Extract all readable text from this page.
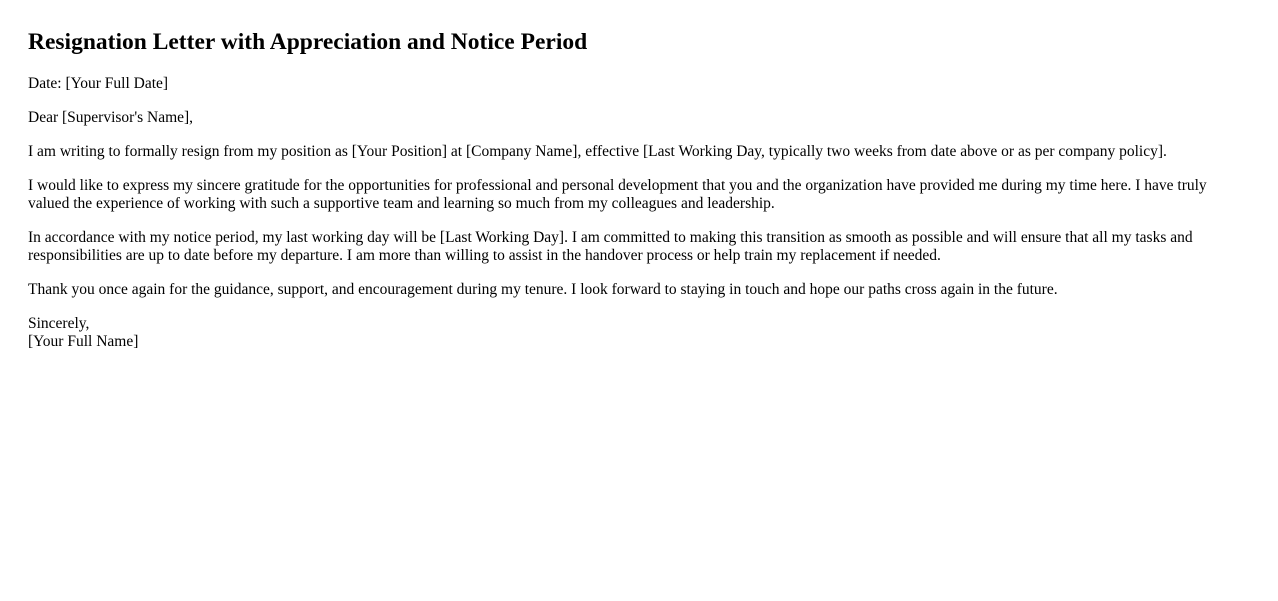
Resignation Letter with Appreciation and Notice Period

Date: [Your Full Date]

Dear [Supervisor's Name],

I am writing to formally resign from my position as [Your Position] at [Company Name], effective [Last Working Day, typically two weeks from date above or as per company policy].

I would like to express my sincere gratitude for the opportunities for professional and personal development that you and the organization have provided me during my time here. I have truly valued the experience of working with such a supportive team and learning so much from my colleagues and leadership.

In accordance with my notice period, my last working day will be [Last Working Day]. I am committed to making this transition as smooth as possible and will ensure that all my tasks and responsibilities are up to date before my departure. I am more than willing to assist in the handover process or help train my replacement if needed.

Thank you once again for the guidance, support, and encouragement during my tenure. I look forward to staying in touch and hope our paths cross again in the future.

Sincerely,

[Your Full Name]
